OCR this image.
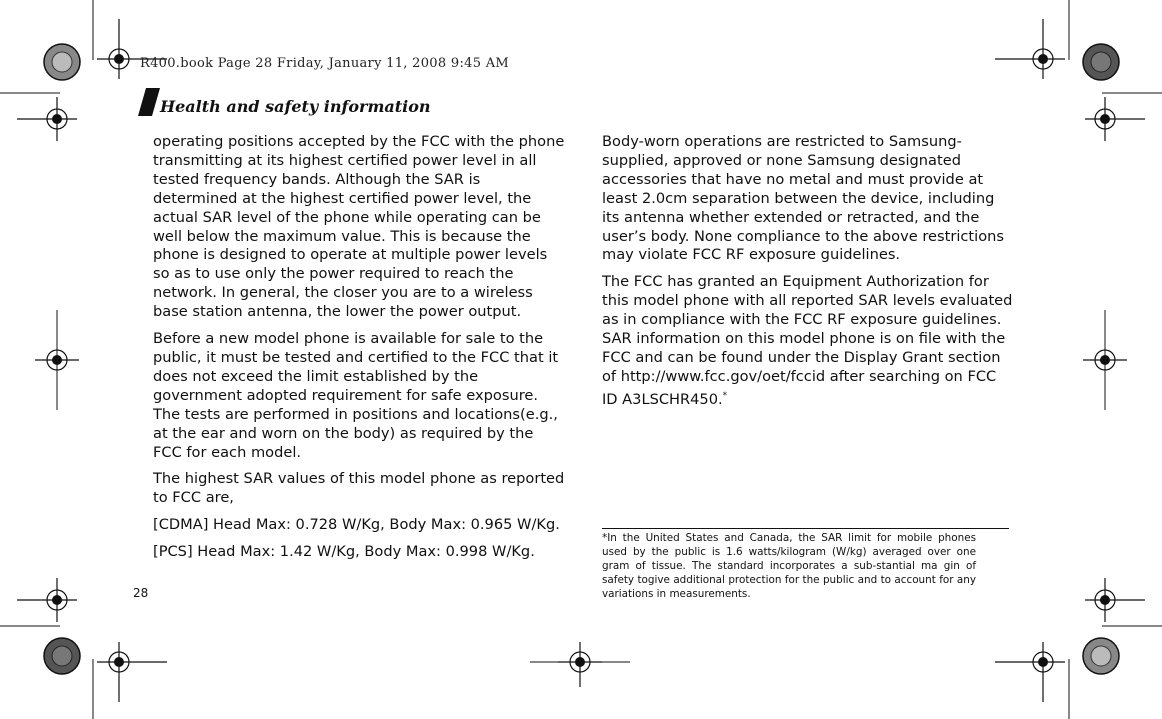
R400.book Page 28 Friday, January 11, 2008 9:45 AM
Health and safety information

operating positions accepted by the FCC with the phone transmitting at its highest certified power level in all tested frequency bands. Although the SAR is determined at the highest certified power level, the actual SAR level of the phone while operating can be well below the maximum value. This is because the phone is designed to operate at multiple power levels so as to use only the power required to reach the network. In general, the closer you are to a wireless base station antenna, the lower the power output.

Before a new model phone is available for sale to the public, it must be tested and certified to the FCC that it does not exceed the limit established by the government adopted requirement for safe exposure. The tests are performed in positions and locations(e.g., at the ear and worn on the body) as required by the FCC for each model.

The highest SAR values of this model phone as reported to FCC are,

[CDMA] Head Max: 0.728 W/Kg, Body Max: 0.965 W/Kg.

[PCS] Head Max: 1.42 W/Kg, Body Max: 0.998 W/Kg.

Body-worn operations are restricted to Samsung-supplied, approved or none Samsung designated accessories that have no metal and must provide at least 2.0cm separation between the device, including its antenna whether extended or retracted, and the user’s body. None compliance to the above restrictions may violate FCC RF exposure guidelines.

The FCC has granted an Equipment Authorization for this model phone with all reported SAR levels evaluated as in compliance with the FCC RF exposure guidelines. SAR information on this model phone is on file with the FCC and can be found under the Display Grant section of http://www.fcc.gov/oet/fccid after searching on FCC ID A3LSCHR450.*

*In the United States and Canada, the SAR limit for mobile phones used by the public is 1.6 watts/kilogram (W/kg) averaged over one gram of tissue. The standard incorporates a sub-stantial ma gin of safety togive additional protection for the public and to account for any variations in measurements.
28
